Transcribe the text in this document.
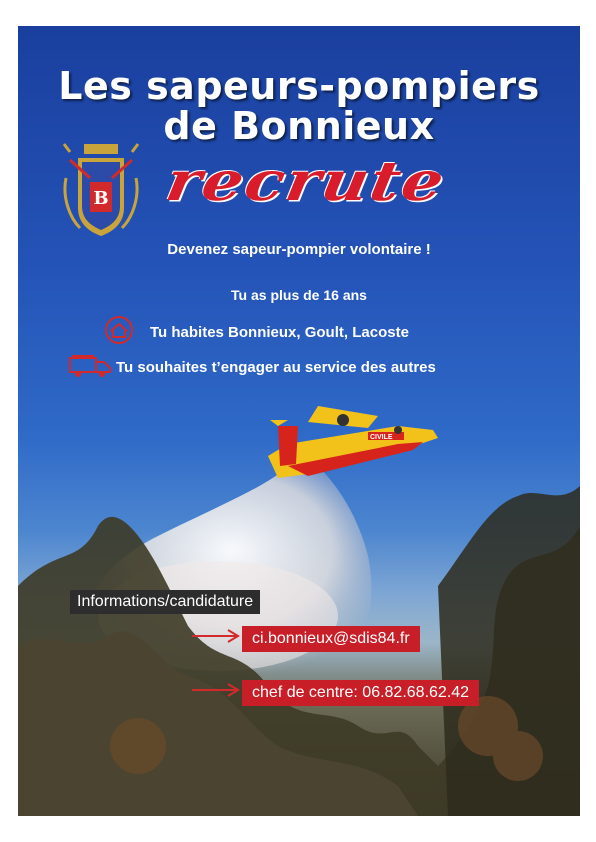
CIVILE
B
Les sapeurs-pompiers
de Bonnieux
recrute
Devenez sapeur-pompier volontaire !
Tu as plus de 16 ans
Tu habites Bonnieux, Goult, Lacoste
Tu souhaites t’engager au service des autres
Informations/candidature
ci.bonnieux@sdis84.fr
chef de centre: 06.82.68.62.42
